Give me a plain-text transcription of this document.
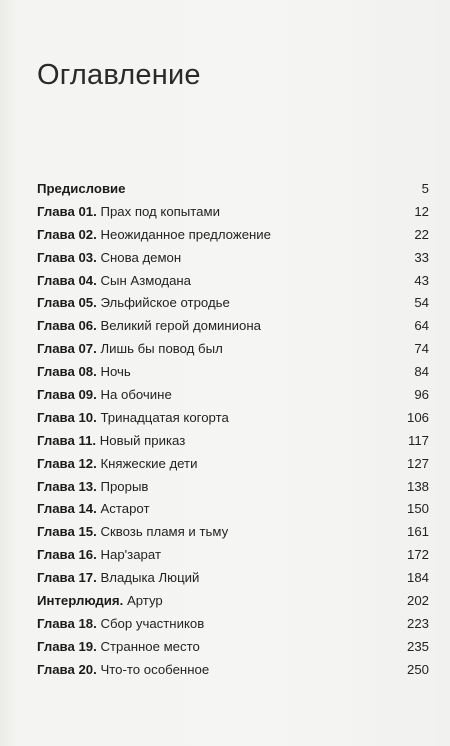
Оглавление
Предисловие	5
Глава 01. Прах под копытами	12
Глава 02. Неожиданное предложение	22
Глава 03. Снова демон	33
Глава 04. Сын Азмодана	43
Глава 05. Эльфийское отродье	54
Глава 06. Великий герой доминиона	64
Глава 07. Лишь бы повод был	74
Глава 08. Ночь	84
Глава 09. На обочине	96
Глава 10. Тринадцатая когорта	106
Глава 11. Новый приказ	117
Глава 12. Княжеские дети	127
Глава 13. Прорыв	138
Глава 14. Астарот	150
Глава 15. Сквозь пламя и тьму	161
Глава 16. Нар'зарат	172
Глава 17. Владыка Люций	184
Интерлюдия. Артур	202
Глава 18. Сбор участников	223
Глава 19. Странное место	235
Глава 20. Что-то особенное	250
